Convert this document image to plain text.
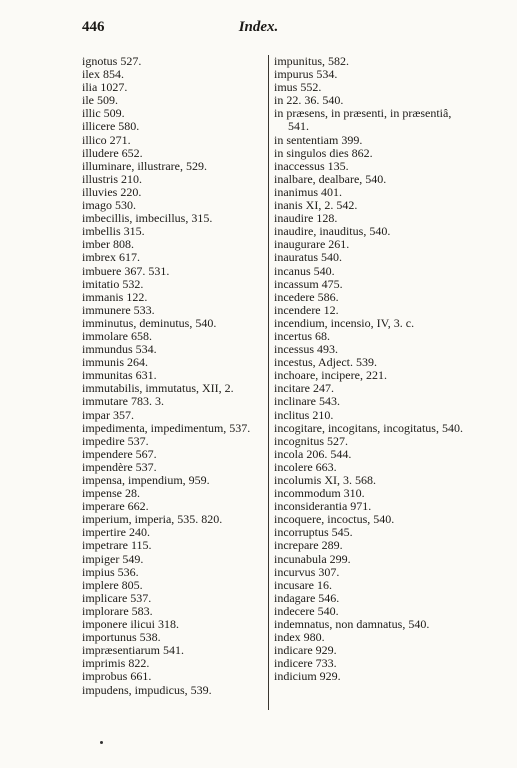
446	Index.
ignotus 527.
ilex 854.
ilia 1027.
ile 509.
illic 509.
illicere 580.
illico 271.
illudere 652.
illuminare, illustrare, 529.
illustris 210.
illuvies 220.
imago 530.
imbecillis, imbecillus, 315.
imbellis 315.
imber 808.
imbrex 617.
imbuere 367. 531.
imitatio 532.
immanis 122.
immunere 533.
imminutus, deminutus, 540.
immolare 658.
immundus 534.
immunis 264.
immunitas 631.
immutabilis, immutatus, XII, 2.
immutare 783. 3.
impar 357.
impedimenta, impedimentum, 537.
impedire 537.
impendere 567.
impendère 537.
impensa, impendium, 959.
impense 28.
imperare 662.
imperium, imperia, 535. 820.
impertire 240.
impetrare 115.
impiger 549.
impius 536.
implere 805.
implicare 537.
implorare 583.
imponere ilicui 318.
importunus 538.
impræsentiarum 541.
imprimis 822.
improbus 661.
impudens, impudicus, 539.
impunitus, 582.
impurus 534.
imus 552.
in 22. 36. 540.
in præsens, in præsenti, in præsentiâ, 541.
in sententiam 399.
in singulos dies 862.
inaccessus 135.
inalbare, dealbare, 540.
inanimus 401.
inanis XI, 2. 542.
inaudire 128.
inaudire, inauditus, 540.
inaugurare 261.
inauratus 540.
incanus 540.
incassum 475.
incedere 586.
incendere 12.
incendium, incensio, IV, 3. c.
incertus 68.
incessus 493.
incestus, Adject. 539.
inchoare, incipere, 221.
incitare 247.
inclinare 543.
inclitus 210.
incogitare, incogitans, incogitatus, 540.
incognitus 527.
incola 206. 544.
incolere 663.
incolumis XI, 3. 568.
incommodum 310.
inconsiderantia 971.
incoquere, incoctus, 540.
incorruptus 545.
increpare 289.
incunabula 299.
incurvus 307.
incusare 16.
indagare 546.
indecere 540.
indemnatus, non damnatus, 540.
index 980.
indicare 929.
indicere 733.
indicium 929.
